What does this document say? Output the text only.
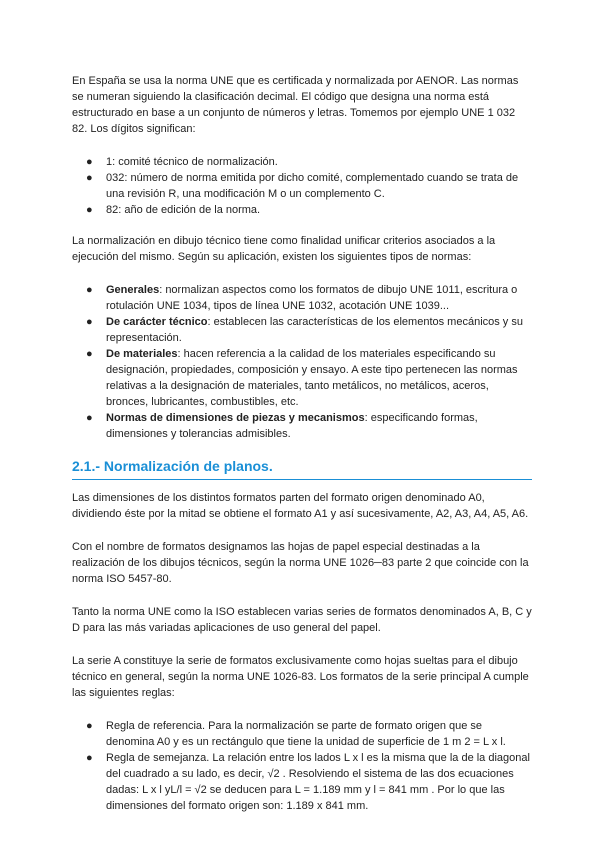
En España se usa la norma UNE que es certificada y normalizada por AENOR. Las normas se numeran siguiendo la clasificación decimal. El código que designa una norma está estructurado en base a un conjunto de números y letras. Tomemos por ejemplo UNE 1 032 82. Los dígitos significan:

●	1: comité técnico de normalización.
●	032: número de norma emitida por dicho comité, complementado cuando se trata de una revisión R, una modificación M o un complemento C.
●	82: año de edición de la norma.

La normalización en dibujo técnico tiene como finalidad unificar criterios asociados a la ejecución del mismo. Según su aplicación, existen los siguientes tipos de normas:

●	Generales: normalizan aspectos como los formatos de dibujo UNE 1011, escritura o rotulación UNE 1034, tipos de línea UNE 1032, acotación UNE 1039...
●	De carácter técnico: establecen las características de los elementos mecánicos y su representación.
●	De materiales: hacen referencia a la calidad de los materiales especificando su designación, propiedades, composición y ensayo. A este tipo pertenecen las normas relativas a la designación de materiales, tanto metálicos, no metálicos, aceros, bronces, lubricantes, combustibles, etc.
●	Normas de dimensiones de piezas y mecanismos: especificando formas, dimensiones y tolerancias admisibles.
2.1.- Normalización de planos.

Las dimensiones de los distintos formatos parten del formato origen denominado A0, dividiendo éste por la mitad se obtiene el formato A1 y así sucesivamente, A2, A3, A4, A5, A6.

Con el nombre de formatos designamos las hojas de papel especial destinadas a la realización de los dibujos técnicos, según la norma UNE 1026─83 parte 2 que coincide con la norma ISO 5457-80.

Tanto la norma UNE como la ISO establecen varias series de formatos denominados A, B, C y D para las más variadas aplicaciones de uso general del papel.

La serie A constituye la serie de formatos exclusivamente como hojas sueltas para el dibujo técnico en general, según la norma UNE 1026-83. Los formatos de la serie principal A cumple las siguientes reglas:

●	Regla de referencia. Para la normalización se parte de formato origen que se denomina A0 y es un rectángulo que tiene la unidad de superficie de 1 m 2 = L x l.
●	Regla de semejanza. La relación entre los lados L x l es la misma que la de la diagonal del cuadrado a su lado, es decir, √2 . Resolviendo el sistema de las dos ecuaciones dadas: L x l yL/l = √2 se deducen para L = 1.189 mm y l = 841 mm . Por lo que las dimensiones del formato origen son: 1.189 x 841 mm.
